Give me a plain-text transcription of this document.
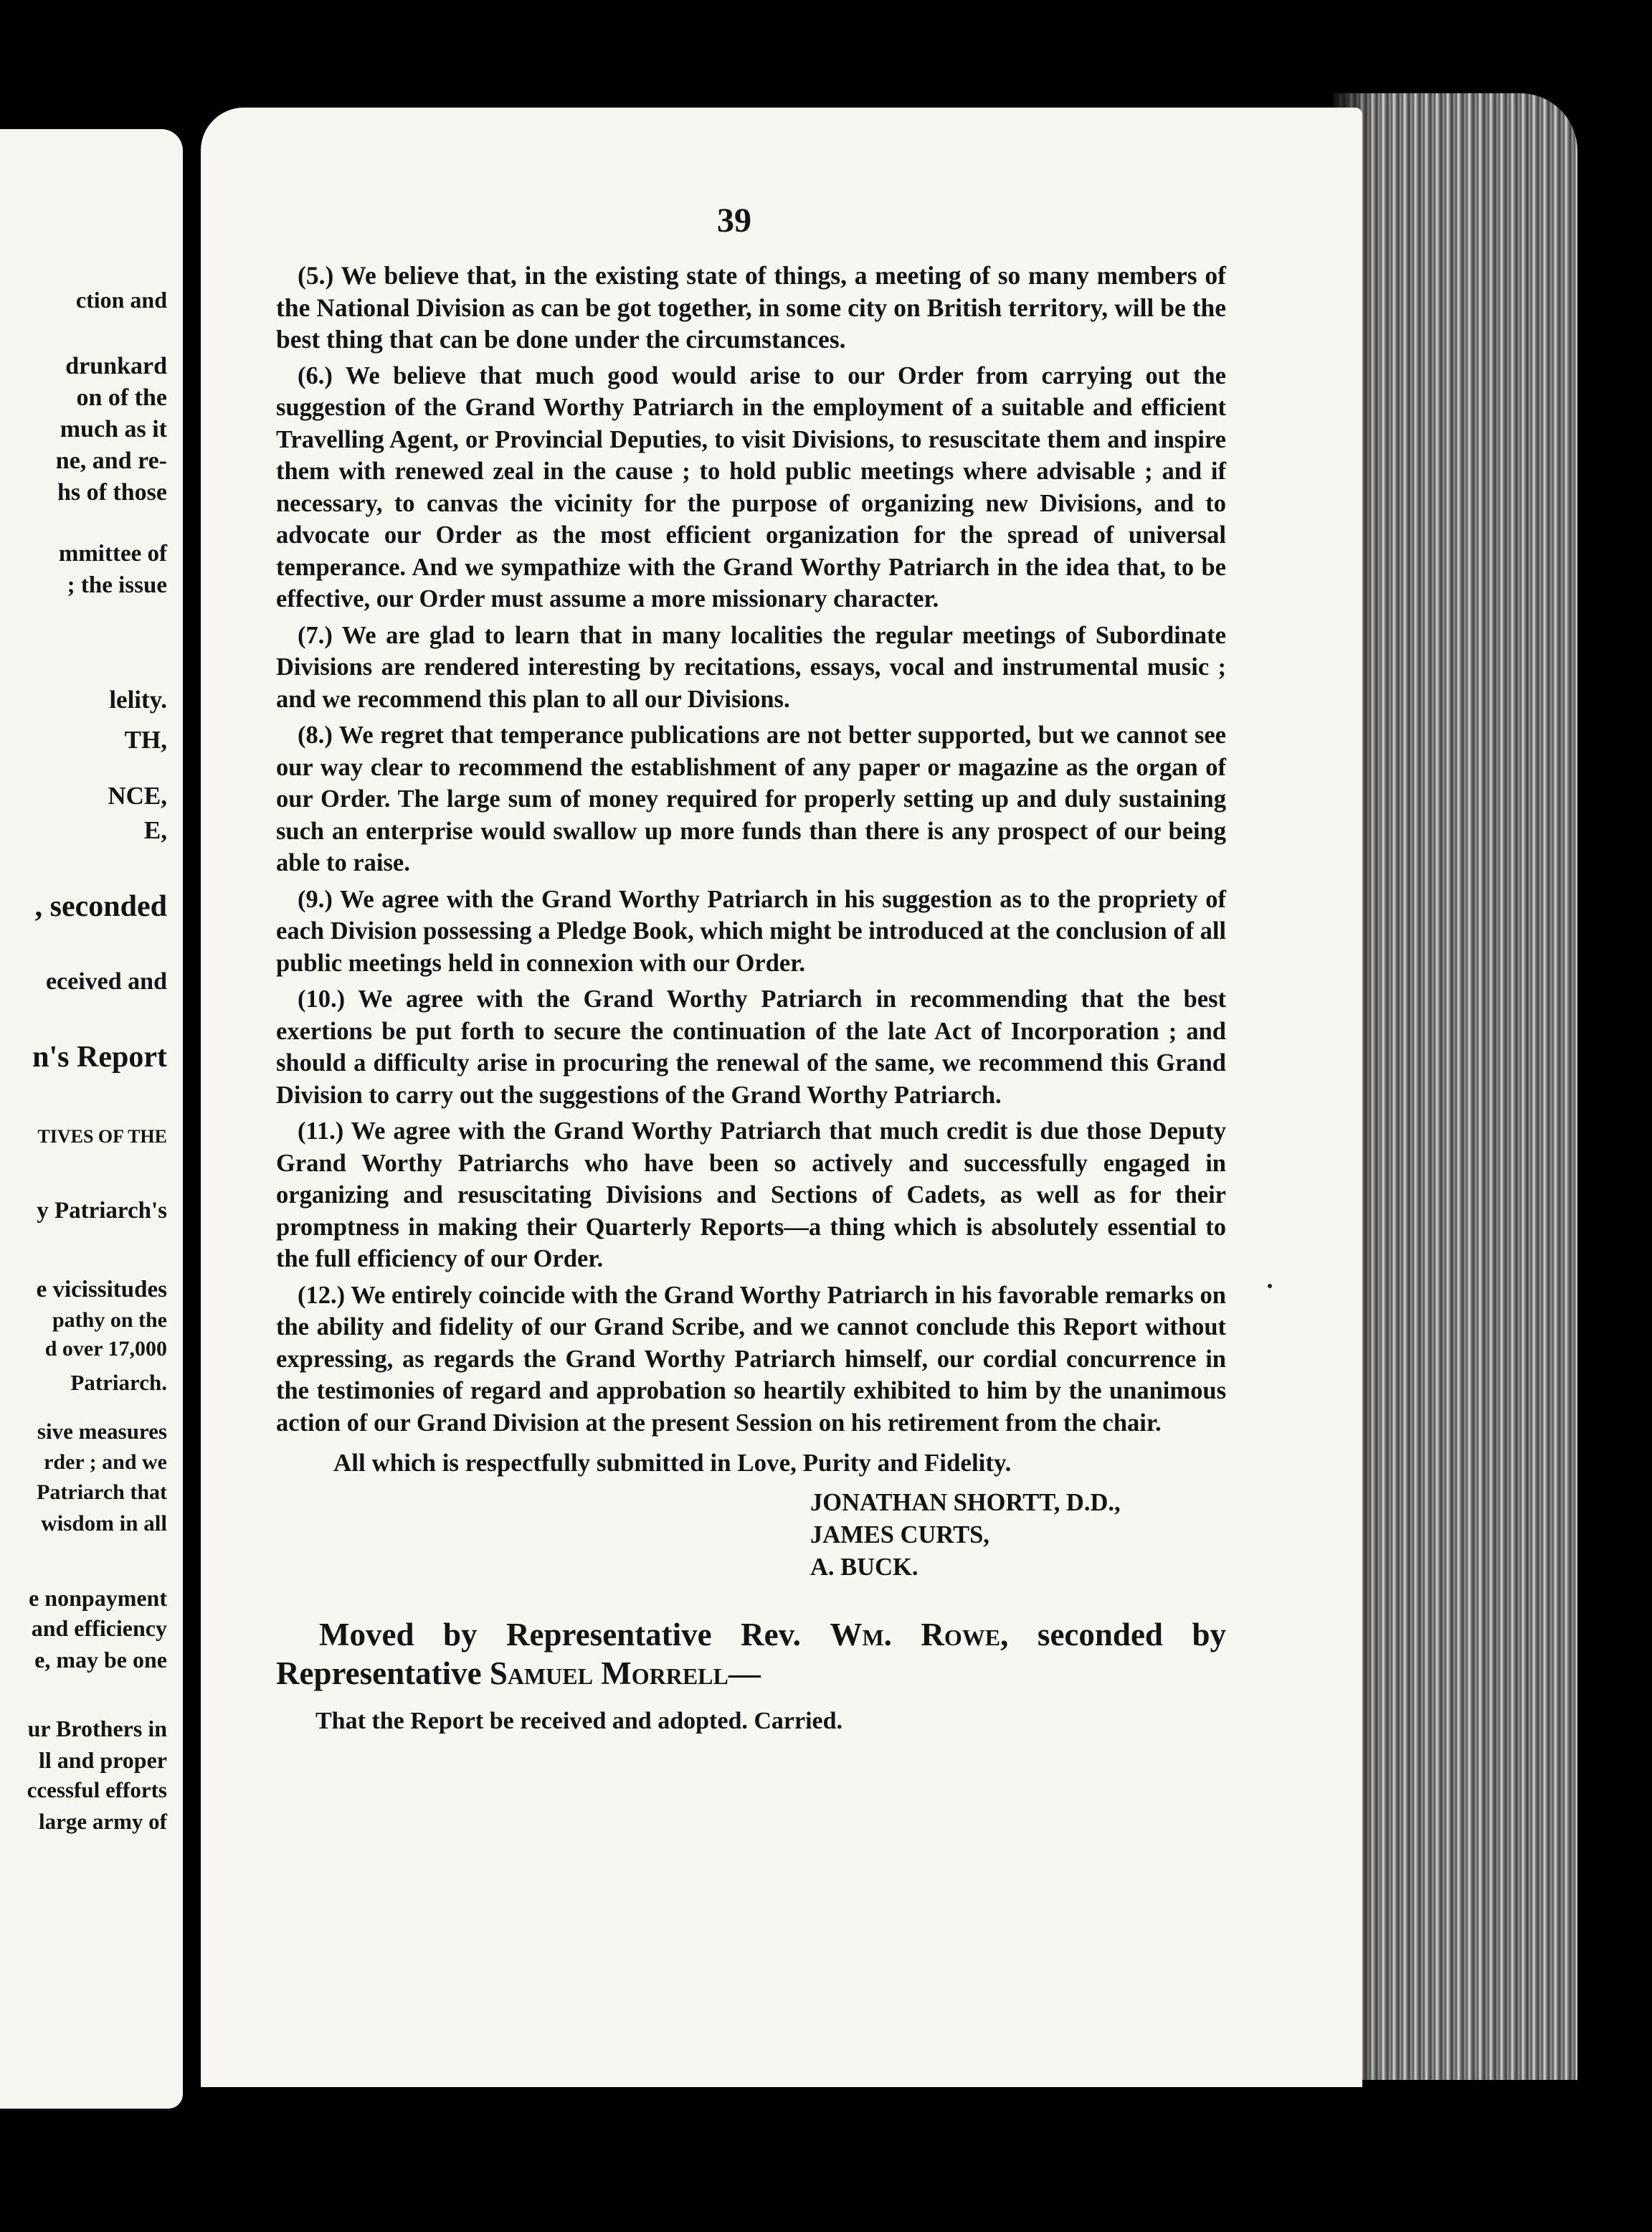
ction and
drunkard
on of the
much as it
ne, and re-
hs of those
mmittee of
; the issue
lelity.
TH,
NCE,
E,
, seconded
eceived and
n's Report
TIVES OF THE
y Patriarch's
e vicissitudes
pathy on the
d over 17,000
Patriarch.
sive measures
rder ; and we
Patriarch that
wisdom in all
e nonpayment
and efficiency
e, may be one
ur Brothers in
ll and proper
ccessful efforts
large army of
39

(5.) We believe that, in the existing state of things, a meeting of so many members of the National Division as can be got together, in some city on British territory, will be the best thing that can be done under the circumstances.

(6.) We believe that much good would arise to our Order from carrying out the suggestion of the Grand Worthy Patriarch in the employment of a suitable and efficient Travelling Agent, or Provincial Deputies, to visit Divisions, to resuscitate them and inspire them with renewed zeal in the cause ; to hold public meetings where advisable ; and if necessary, to canvas the vicinity for the purpose of organizing new Divisions, and to advocate our Order as the most efficient organization for the spread of universal temperance. And we sympathize with the Grand Worthy Patriarch in the idea that, to be effective, our Order must assume a more missionary character.

(7.) We are glad to learn that in many localities the regular meetings of Subordinate Divisions are rendered interesting by recitations, essays, vocal and instrumental music ; and we recommend this plan to all our Divisions.

(8.) We regret that temperance publications are not better supported, but we cannot see our way clear to recommend the establishment of any paper or magazine as the organ of our Order. The large sum of money required for properly setting up and duly sustaining such an enterprise would swallow up more funds than there is any prospect of our being able to raise.

(9.) We agree with the Grand Worthy Patriarch in his suggestion as to the propriety of each Division possessing a Pledge Book, which might be introduced at the conclusion of all public meetings held in connexion with our Order.

(10.) We agree with the Grand Worthy Patriarch in recommending that the best exertions be put forth to secure the continuation of the late Act of Incorporation ; and should a difficulty arise in procuring the renewal of the same, we recommend this Grand Division to carry out the suggestions of the Grand Worthy Patriarch.

(11.) We agree with the Grand Worthy Patriarch that much credit is due those Deputy Grand Worthy Patriarchs who have been so actively and successfully engaged in organizing and resuscitating Divisions and Sections of Cadets, as well as for their promptness in making their Quarterly Reports—a thing which is absolutely essential to the full efficiency of our Order.

(12.) We entirely coincide with the Grand Worthy Patriarch in his favorable remarks on the ability and fidelity of our Grand Scribe, and we cannot conclude this Report without expressing, as regards the Grand Worthy Patriarch himself, our cordial concurrence in the testimonies of regard and approbation so heartily exhibited to him by the unanimous action of our Grand Division at the present Session on his retirement from the chair.

All which is respectfully submitted in Love, Purity and Fidelity.

JONATHAN SHORTT, D.D.,
JAMES CURTS,
A. BUCK.

Moved by Representative Rev. Wm. Rowe, seconded by Representative Samuel Morrell—

That the Report be received and adopted. Carried.
